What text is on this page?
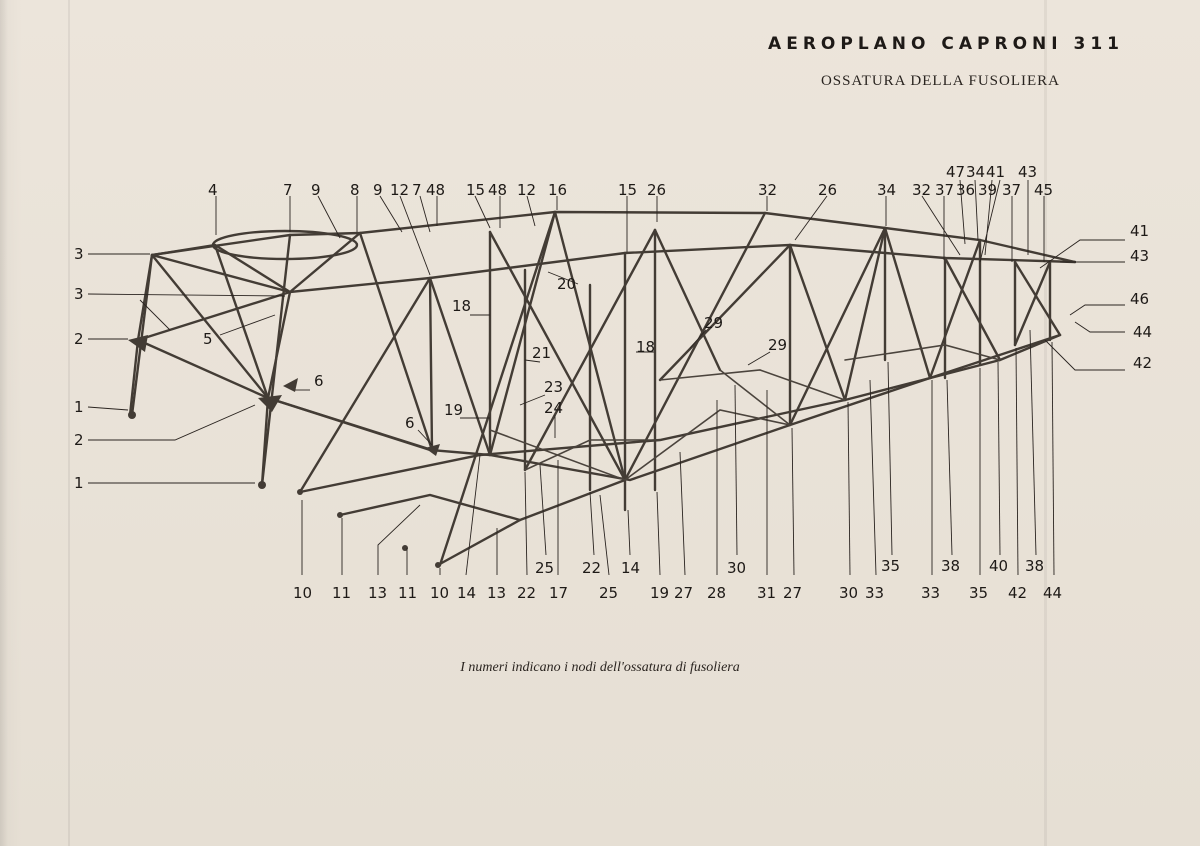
AEROPLANO CAPRONI 311
OSSATURA DELLA FUSOLIERA
4	7 9 8 9 12 7 48 15 48 12 16	15 26	32	26	34 32 37
47 34
36 39
41
37
43
45
3
3
2	5
1
2
1
6
6
18
18
20
21
23
24
19
29
29
41
43
46
44
42
25 22 14	30	35	38 40 38
10 11 13 11 10 14 13 22 17 25 19 27 28 31 27 30 33 33 35 42 44
I numeri indicano i nodi dell'ossatura di fusoliera
